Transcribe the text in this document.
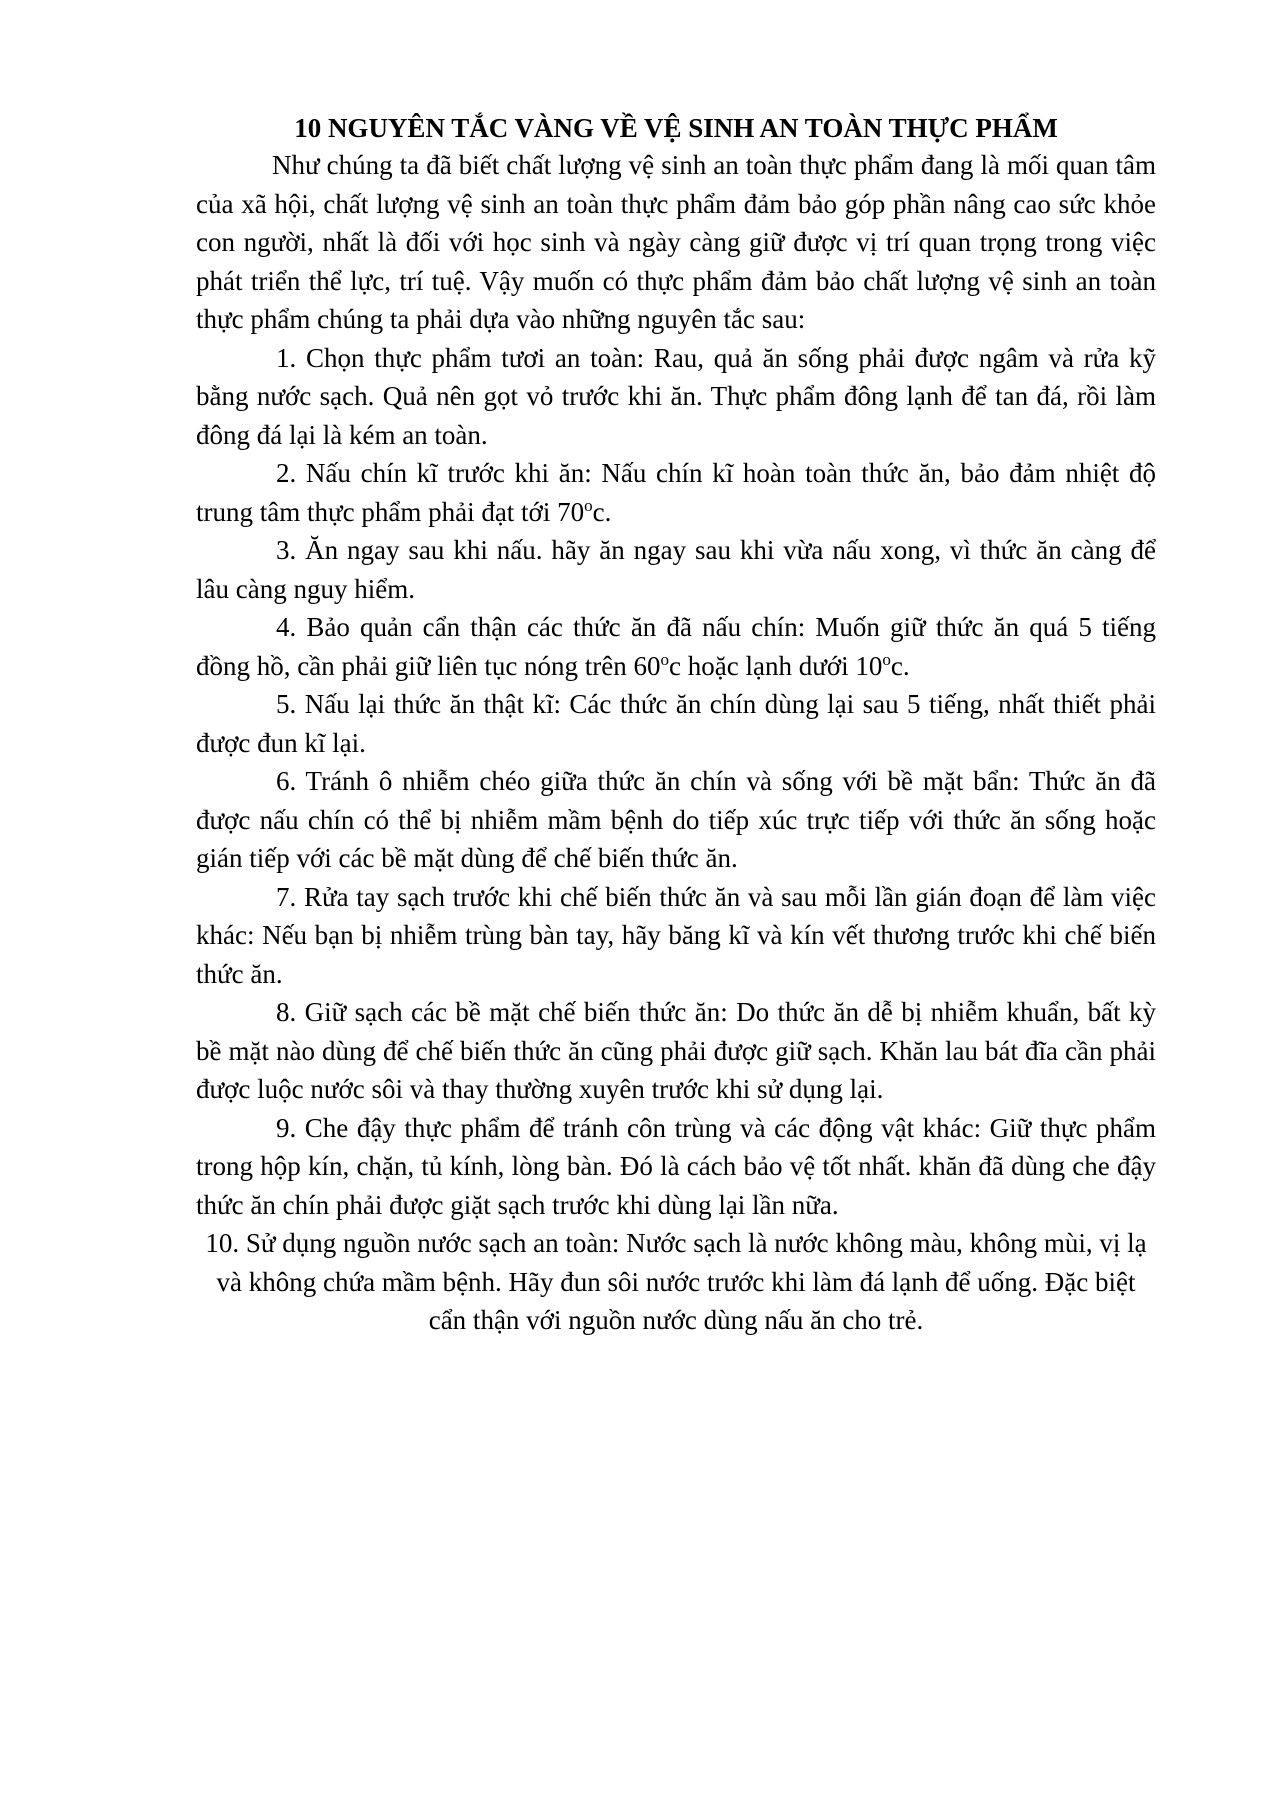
10 NGUYÊN TẮC VÀNG VỀ VỆ SINH AN TOÀN THỰC PHẨM

Như chúng ta đã biết chất lượng vệ sinh an toàn thực phẩm đang là mối quan tâm của xã hội, chất lượng vệ sinh an toàn thực phẩm đảm bảo góp phần nâng cao sức khỏe con người, nhất là đối với học sinh và ngày càng giữ được vị trí quan trọng trong việc phát triển thể lực, trí tuệ. Vậy muốn có thực phẩm đảm bảo chất lượng vệ sinh an toàn thực phẩm chúng ta phải dựa vào những nguyên tắc sau:

1. Chọn thực phẩm tươi an toàn: Rau, quả ăn sống phải được ngâm và rửa kỹ bằng nước sạch. Quả nên gọt vỏ trước khi ăn. Thực phẩm đông lạnh để tan đá, rồi làm đông đá lại là kém an toàn.

2. Nấu chín kĩ trước khi ăn: Nấu chín kĩ hoàn toàn thức ăn, bảo đảm nhiệt độ trung tâm thực phẩm phải đạt tới 70$^o$c.

3. Ăn ngay sau khi nấu. hãy ăn ngay sau khi vừa nấu xong, vì thức ăn càng để lâu càng nguy hiểm.

4. Bảo quản cẩn thận các thức ăn đã nấu chín: Muốn giữ thức ăn quá 5 tiếng đồng hồ, cần phải giữ liên tục nóng trên 60$^o$c hoặc lạnh dưới 10$^o$c.

5. Nấu lại thức ăn thật kĩ: Các thức ăn chín dùng lại sau 5 tiếng, nhất thiết phải được đun kĩ lại.

6. Tránh ô nhiễm chéo giữa thức ăn chín và sống với bề mặt bẩn: Thức ăn đã được nấu chín có thể bị nhiễm mầm bệnh do tiếp xúc trực tiếp với thức ăn sống hoặc gián tiếp với các bề mặt dùng để chế biến thức ăn.

7. Rửa tay sạch trước khi chế biến thức ăn và sau mỗi lần gián đoạn để làm việc khác: Nếu bạn bị nhiễm trùng bàn tay, hãy băng kĩ và kín vết thương trước khi chế biến thức ăn.

8. Giữ sạch các bề mặt chế biến thức ăn: Do thức ăn dễ bị nhiễm khuẩn, bất kỳ bề mặt nào dùng để chế biến thức ăn cũng phải được giữ sạch. Khăn lau bát đĩa cần phải được luộc nước sôi và thay thường xuyên trước khi sử dụng lại.

9. Che đậy thực phẩm để tránh côn trùng và các động vật khác: Giữ thực phẩm trong hộp kín, chặn, tủ kính, lòng bàn. Đó là cách bảo vệ tốt nhất. khăn đã dùng che đậy thức ăn chín phải được giặt sạch trước khi dùng lại lần nữa.

10. Sử dụng nguồn nước sạch an toàn: Nước sạch là nước không màu, không mùi, vị lạ và không chứa mầm bệnh. Hãy đun sôi nước trước khi làm đá lạnh để uống. Đặc biệt cẩn thận với nguồn nước dùng nấu ăn cho trẻ.
